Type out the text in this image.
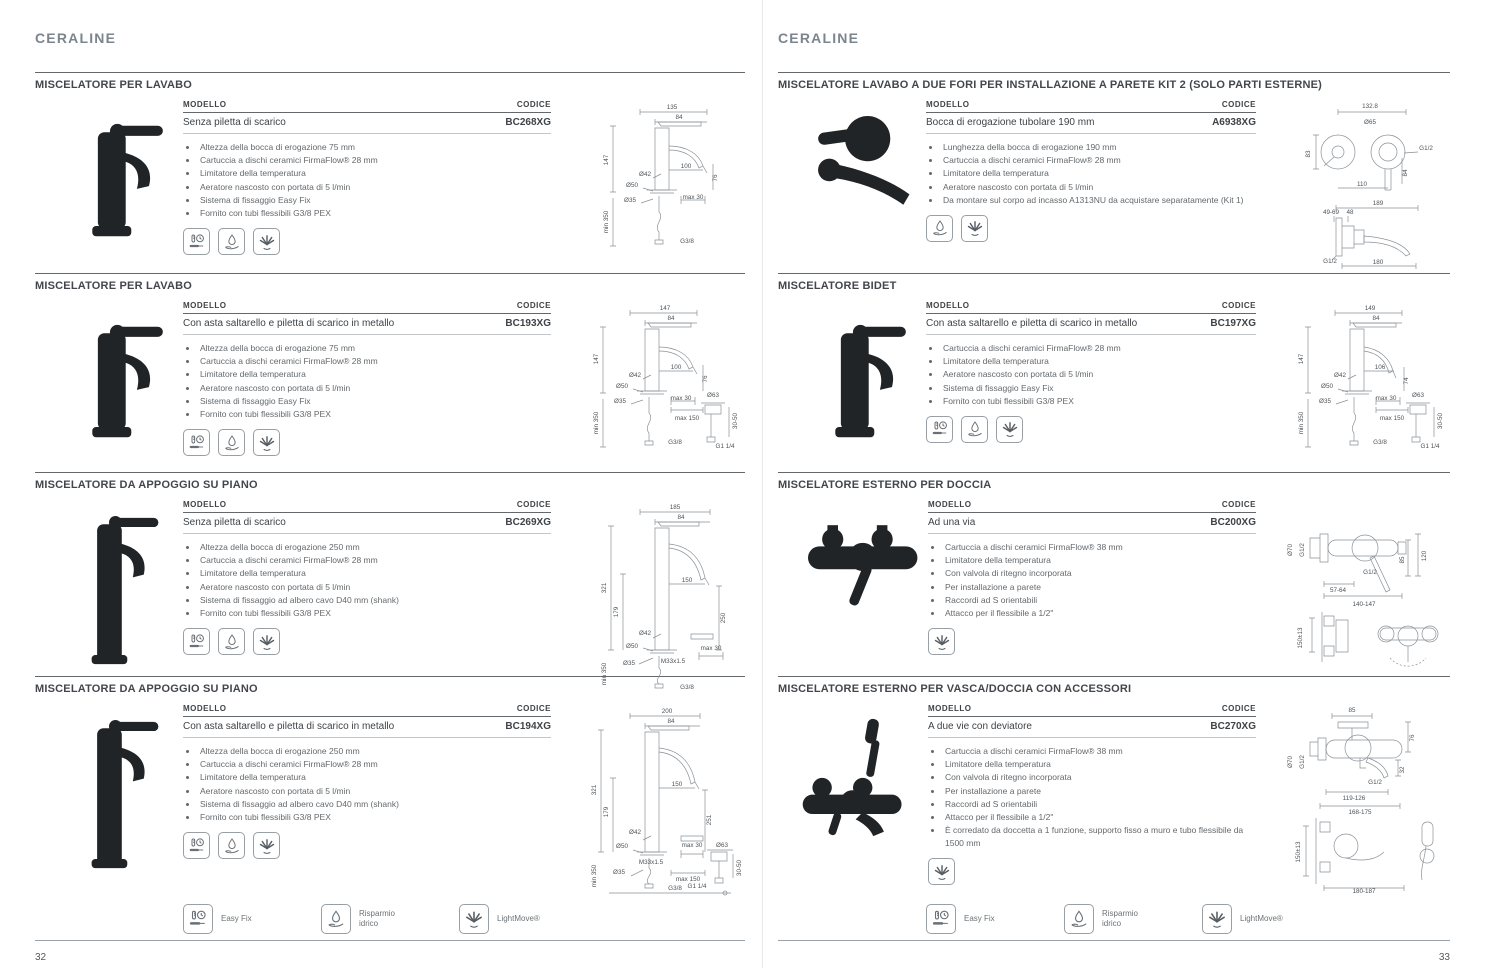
CERALINE
MISCELATORE PER LAVABO
MODELLO	CODICE
Senza piletta di scarico	BC268XG
• Altezza della bocca di erogazione 75 mm
• Cartuccia a dischi ceramici FirmaFlow® 28 mm
• Limitatore della temperatura
• Aeratore nascosto con portata di 5 l/min
• Sistema di fissaggio Easy Fix
• Fornito con tubi flessibili G3/8 PEX
135
84
147
100
76
Ø42
Ø50
Ø35	max 30
min 350
G3/8
MISCELATORE PER LAVABO
MODELLO	CODICE
Con asta saltarello e piletta di scarico in metallo	BC193XG
• Altezza della bocca di erogazione 75 mm
• Cartuccia a dischi ceramici FirmaFlow® 28 mm
• Limitatore della temperatura
• Aeratore nascosto con portata di 5 l/min
• Sistema di fissaggio Easy Fix
• Fornito con tubi flessibili G3/8 PEX
147
84
147
100
76
Ø42
Ø50
Ø35	max 30
max 150
min 350
G3/8
Ø63
30-50
G1 1/4
MISCELATORE DA APPOGGIO SU PIANO
MODELLO	CODICE
Senza piletta di scarico	BC269XG
• Altezza della bocca di erogazione 250 mm
• Cartuccia a dischi ceramici FirmaFlow® 28 mm
• Limitatore della temperatura
• Aeratore nascosto con portata di 5 l/min
• Sistema di fissaggio ad albero cavo D40 mm (shank)
• Fornito con tubi flessibili G3/8 PEX
185
84
321
179
150
250
Ø42
Ø50
Ø35	M33x1.5
max 30
min 350
G3/8
MISCELATORE DA APPOGGIO SU PIANO
MODELLO	CODICE
Con asta saltarello e piletta di scarico in metallo	BC194XG
• Altezza della bocca di erogazione 250 mm
• Cartuccia a dischi ceramici FirmaFlow® 28 mm
• Limitatore della temperatura
• Aeratore nascosto con portata di 5 l/min
• Sistema di fissaggio ad albero cavo D40 mm (shank)
• Fornito con tubi flessibili G3/8 PEX
200
84
321
179
150
251
Ø42
Ø50
M33x1.5
max 30
max 150
Ø35
Ø63
30-50
G1 1/4
G3/8
min 350
Easy Fix
Risparmio idrico
LightMove®
32
CERALINE
MISCELATORE LAVABO A DUE FORI PER INSTALLAZIONE A PARETE KIT 2 (SOLO PARTI ESTERNE)
MODELLO	CODICE
Bocca di erogazione tubolare 190 mm	A6938XG
• Lunghezza della bocca di erogazione 190 mm
• Cartuccia a dischi ceramici FirmaFlow® 28 mm
• Limitatore della temperatura
• Aeratore nascosto con portata di 5 l/min
• Da montare sul corpo ad incasso A1313NU da acquistare separatamente (Kit 1)
132.8
Ø65
83
G1/2
84
110
189
49-69 48
G1/2	180
MISCELATORE BIDET
MODELLO	CODICE
Con asta saltarello e piletta di scarico in metallo	BC197XG
• Cartuccia a dischi ceramici FirmaFlow® 28 mm
• Limitatore della temperatura
• Aeratore nascosto con portata di 5 l/min
• Sistema di fissaggio Easy Fix
• Fornito con tubi flessibili G3/8 PEX
149
84
147
Ø42
Ø50
106
74
Ø35	max 30
max 150
min 350
G3/8
Ø63
30-50
G1 1/4
MISCELATORE ESTERNO PER DOCCIA
MODELLO	CODICE
Ad una via	BC200XG
• Cartuccia a dischi ceramici FirmaFlow® 38 mm
• Limitatore della temperatura
• Con valvola di ritegno incorporata
• Per installazione a parete
• Raccordi ad S orientabili
• Attacco per il flessibile a 1/2"
Ø70 G1/2
G1/2
85 120
57-64
140-147
150±13
MISCELATORE ESTERNO PER VASCA/DOCCIA CON ACCESSORI
MODELLO	CODICE
A due vie con deviatore	BC270XG
• Cartuccia a dischi ceramici FirmaFlow® 38 mm
• Limitatore della temperatura
• Con valvola di ritegno incorporata
• Per installazione a parete
• Raccordi ad S orientabili
• Attacco per il flessibile a 1/2"
• È corredato da doccetta a 1 funzione, supporto fisso a muro e tubo flessibile da 1500 mm
85
76
Ø70 G1/2
32
G1/2
119-126
168-175
150±13
180-187
Easy Fix
Risparmio idrico
LightMove®
33
